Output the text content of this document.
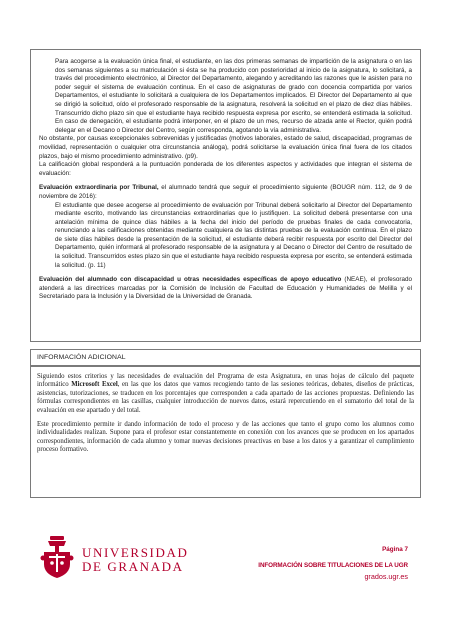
Para acogerse a la evaluación única final, el estudiante, en las dos primeras semanas de impartición de la asignatura o en las dos semanas siguientes a su matriculación si ésta se ha producido con posterioridad al inicio de la asignatura, lo solicitará, a través del procedimiento electrónico, al Director del Departamento, alegando y acreditando las razones que le asisten para no poder seguir el sistema de evaluación continua. En el caso de asignaturas de grado con docencia compartida por varios Departamentos, el estudiante lo solicitará a cualquiera de los Departamentos implicados. El Director del Departamento al que se dirigió la solicitud, oído el profesorado responsable de la asignatura, resolverá la solicitud en el plazo de diez días hábiles. Transcurrido dicho plazo sin que el estudiante haya recibido respuesta expresa por escrito, se entenderá estimada la solicitud. En caso de denegación, el estudiante podrá interponer, en el plazo de un mes, recurso de alzada ante el Rector, quién podrá delegar en el Decano o Director del Centro, según corresponda, agotando la vía administrativa.

No obstante, por causas excepcionales sobrevenidas y justificadas (motivos laborales, estado de salud, discapacidad, programas de movilidad, representación o cualquier otra circunstancia análoga), podrá solicitarse la evaluación única final fuera de los citados plazos, bajo el mismo procedimiento administrativo. (p9).

La calificación global responderá a la puntuación ponderada de los diferentes aspectos y actividades que integran el sistema de evaluación:

Evaluación extraordinaria por Tribunal, el alumnado tendrá que seguir el procedimiento siguiente (BOUGR núm. 112, de 9 de noviembre de 2016):

El estudiante que desee acogerse al procedimiento de evaluación por Tribunal deberá solicitarlo al Director del Departamento mediante escrito, motivando las circunstancias extraordinarias que lo justifiquen. La solicitud deberá presentarse con una antelación mínima de quince días hábiles a la fecha del inicio del período de pruebas finales de cada convocatoria, renunciando a las calificaciones obtenidas mediante cualquiera de las distintas pruebas de la evaluación continua. En el plazo de siete días hábiles desde la presentación de la solicitud, el estudiante deberá recibir respuesta por escrito del Director del Departamento, quién informará al profesorado responsable de la asignatura y al Decano o Director del Centro de resultado de la solicitud. Transcurridos estes plazo sin que el estudiante haya recibido respuesta expresa por escrito, se entenderá estimada la solicitud. (p. 11)

Evaluación del alumnado con discapacidad u otras necesidades específicas de apoyo educativo (NEAE), el profesorado atenderá a las directrices marcadas por la Comisión de Inclusión de Facultad de Educación y Humanidades de Melilla y el Secretariado para la Inclusión y la Diversidad de la Universidad de Granada.

INFORMACIÓN ADICIONAL

Siguiendo estos criterios y las necesidades de evaluación del Programa de esta Asignatura, en unas hojas de cálculo del paquete informático Microsoft Excel, en las que los datos que vamos recogiendo tanto de las sesiones teóricas, debates, diseños de prácticas, asistencias, tutorizaciones, se traducen en los porcentajes que corresponden a cada apartado de las acciones propuestas. Definiendo las fórmulas correspondientes en las casillas, cualquier introducción de nuevos datos, estará repercutiendo en el sumatorio del total de la evaluación en ese apartado y del total.

Este procedimiento permite ir dando información de todo el proceso y de las acciones que tanto el grupo como los alumnos como individualidades realizan. Supone para el profesor estar constantemente en conexión con los avances que se producen en los apartados correspondientes, información de cada alumno y tomar nuevas decisiones preactivas en base a los datos y a garantizar el cumplimiento proceso formativo.

UNIVERSIDAD
DE GRANADA
Página 7
INFORMACIÓN SOBRE TITULACIONES DE LA UGR
grados.ugr.es
